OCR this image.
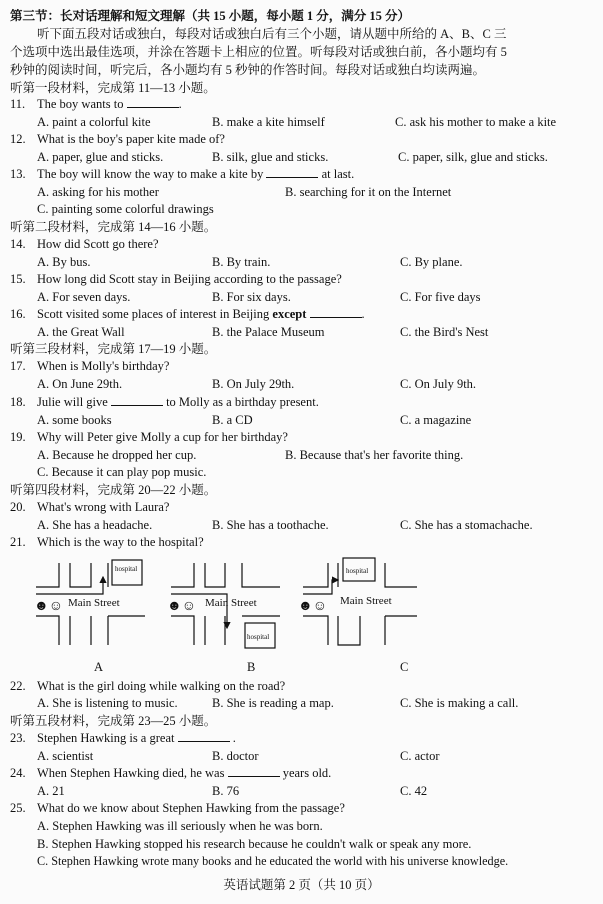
第三节：长对话理解和短文理解（共 15 小题，每小题 1 分，满分 15 分）
听下面五段对话或独白，每段对话或独白后有三个小题，请从题中所给的 A、B、C 三
个选项中选出最佳选项，并涂在答题卡上相应的位置。听每段对话或独白前，各小题均有 5
秒钟的阅读时间，听完后，各小题均有 5 秒钟的作答时间。每段对话或独白均读两遍。
听第一段材料，完成第 11—13 小题。
11. The boy wants to	.
A. paint a colorful kite	B. make a kite himself	C. ask his mother to make a kite
12. What is the boy's paper kite made of?
A. paper, glue and sticks.	B. silk, glue and sticks.	C. paper, silk, glue and sticks.
13. The boy will know the way to make a kite by	at last.
A. asking for his mother	B. searching for it on the Internet
C. painting some colorful drawings
听第二段材料，完成第 14—16 小题。
14. How did Scott go there?
A. By bus.	B. By train.	C. By plane.
15. How long did Scott stay in Beijing according to the passage?
A. For seven days.	B. For six days.	C. For five days
16. Scott visited some places of interest in Beijing except	.
A. the Great Wall	B. the Palace Museum	C. the Bird's Nest
听第三段材料，完成第 17—19 小题。
17. When is Molly's birthday?
A. On June 29th.	B. On July 29th.	C. On July 9th.
18. Julie will give	to Molly as a birthday present.
A. some books	B. a CD	C. a magazine
19. Why will Peter give Molly a cup for her birthday?
A. Because he dropped her cup.	B. Because that's her favorite thing.
C. Because it can play pop music.
听第四段材料，完成第 20—22 小题。
20. What's wrong with Laura?
A. She has a headache.	B. She has a toothache.	C. She has a stomachache.
21. Which is the way to the hospital?
hospital
Main Street
☻☺
hospital
Main Street
☻☺
hospital
Main Street
☻☺
A	B	C
22. What is the girl doing while walking on the road?
A. She is listening to music.	B. She is reading a map.	C. She is making a call.
听第五段材料，完成第 23—25 小题。
23. Stephen Hawking is a great	.
A. scientist	B. doctor	C. actor
24. When Stephen Hawking died, he was	years old.
A. 21	B. 76	C. 42
25. What do we know about Stephen Hawking from the passage?
A. Stephen Hawking was ill seriously when he was born.
B. Stephen Hawking stopped his research because he couldn't walk or speak any more.
C. Stephen Hawking wrote many books and he educated the world with his universe knowledge.
英语试题第 2 页（共 10 页）
